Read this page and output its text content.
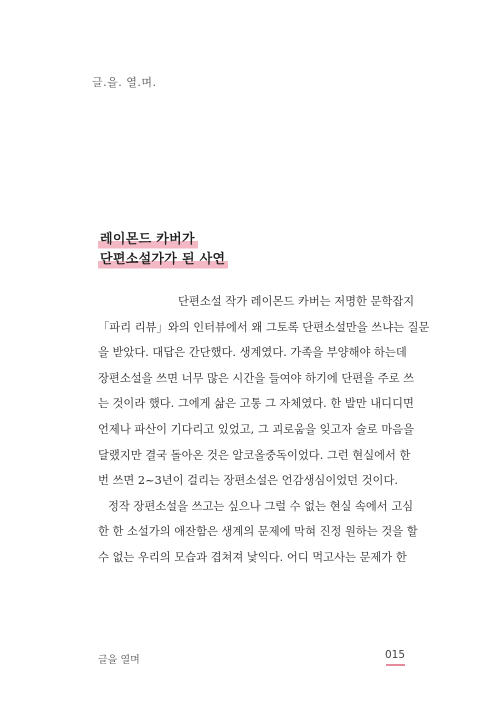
글.을. 열.며.
레이몬드 카버가
단편소설가가 된 사연

단편소설 작가 레이몬드 카버는 저명한 문학잡지
「파리 리뷰」와의 인터뷰에서 왜 그토록 단편소설만을 쓰냐는 질문
을 받았다. 대답은 간단했다. 생계였다. 가족을 부양해야 하는데
장편소설을 쓰면 너무 많은 시간을 들여야 하기에 단편을 주로 쓰
는 것이라 했다. 그에게 삶은 고통 그 자체였다. 한 발만 내디디면
언제나 파산이 기다리고 있었고, 그 괴로움을 잊고자 술로 마음을
달랬지만 결국 돌아온 것은 알코올중독이었다. 그런 현실에서 한
번 쓰면 2~3년이 걸리는 장편소설은 언감생심이었던 것이다.

정작 장편소설을 쓰고는 싶으나 그럴 수 없는 현실 속에서 고심
한 한 소설가의 애잔함은 생계의 문제에 막혀 진정 원하는 것을 할
수 없는 우리의 모습과 겹쳐져 낯익다. 어디 먹고사는 문제가 한

글을 열며	015
